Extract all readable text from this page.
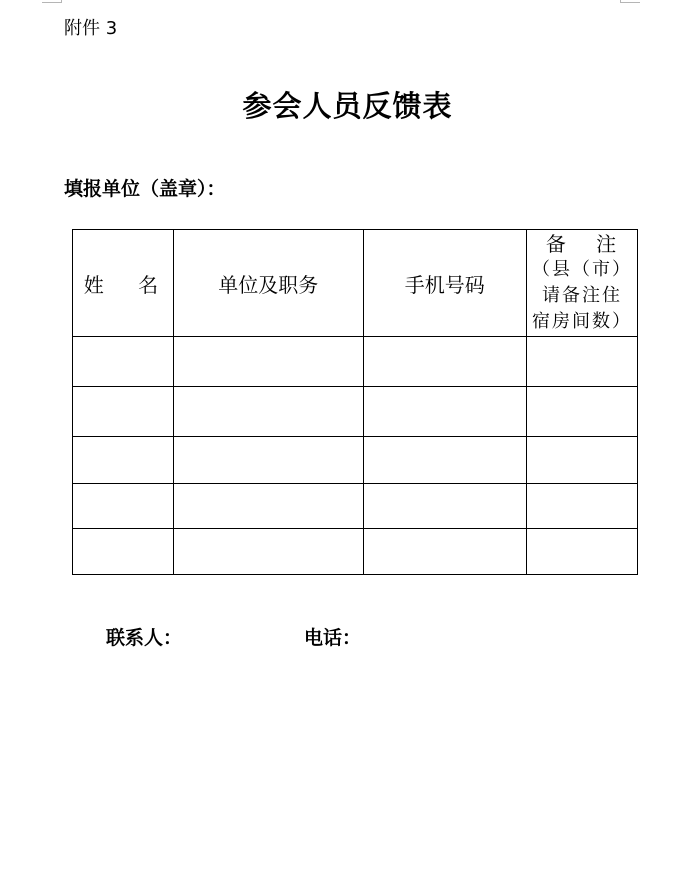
附件 3
参会人员反馈表
填报单位（盖章）：
姓 名	单位及职务	手机号码	备 注
（县（市）
请备注住
宿房间数）

联系人：	电话：
